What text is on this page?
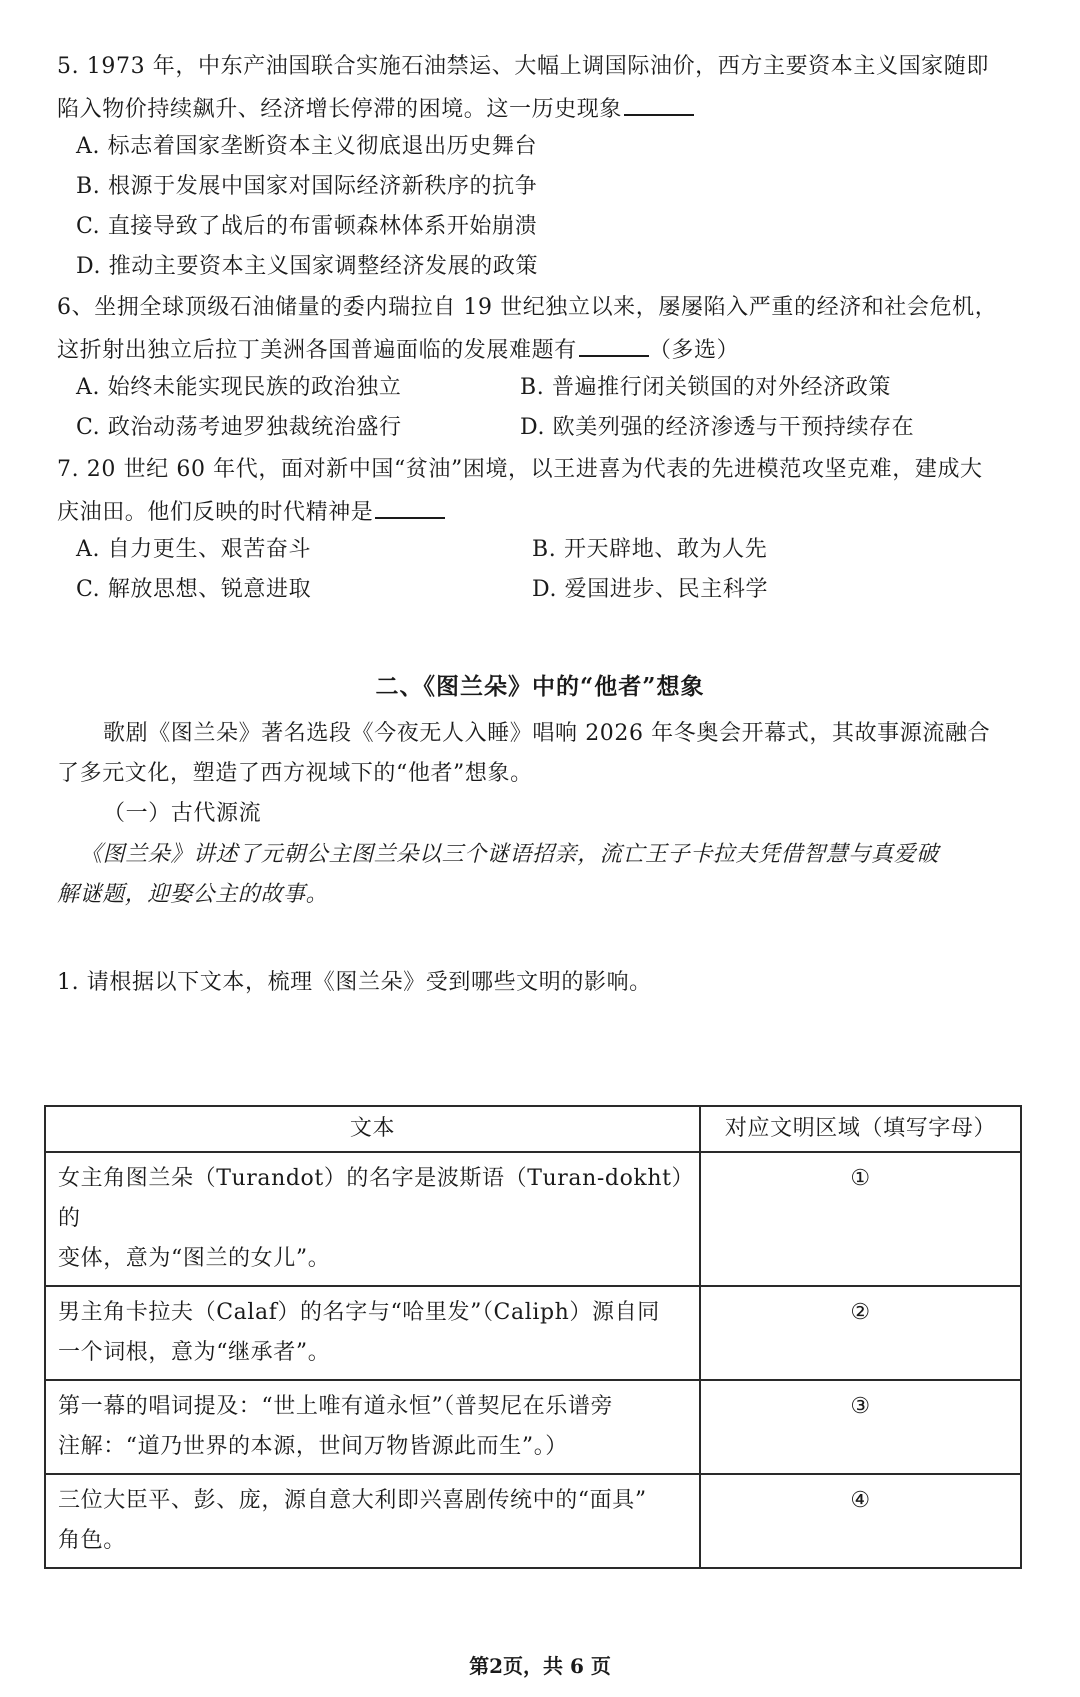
5. 1973 年，中东产油国联合实施石油禁运、大幅上调国际油价，西方主要资本主义国家随即
陷入物价持续飙升、经济增长停滞的困境。这一历史现象
A. 标志着国家垄断资本主义彻底退出历史舞台
B. 根源于发展中国家对国际经济新秩序的抗争
C. 直接导致了战后的布雷顿森林体系开始崩溃
D. 推动主要资本主义国家调整经济发展的政策
6、坐拥全球顶级石油储量的委内瑞拉自 19 世纪独立以来，屡屡陷入严重的经济和社会危机，
这折射出独立后拉丁美洲各国普遍面临的发展难题有	（多选）
A. 始终未能实现民族的政治独立	B. 普遍推行闭关锁国的对外经济政策
C. 政治动荡考迪罗独裁统治盛行	D. 欧美列强的经济渗透与干预持续存在
7. 20 世纪 60 年代，面对新中国“贫油”困境，以王进喜为代表的先进模范攻坚克难，建成大
庆油田。他们反映的时代精神是
A. 自力更生、艰苦奋斗	B. 开天辟地、敢为人先
C. 解放思想、锐意进取	D. 爱国进步、民主科学
二、《图兰朵》中的“他者”想象
歌剧《图兰朵》著名选段《今夜无人入睡》唱响 2026 年冬奥会开幕式，其故事源流融合
了多元文化，塑造了西方视域下的“他者”想象。
（一）古代源流
《图兰朵》讲述了元朝公主图兰朵以三个谜语招亲，流亡王子卡拉夫凭借智慧与真爱破
解谜题，迎娶公主的故事。
1. 请根据以下文本，梳理《图兰朵》受到哪些文明的影响。
文本	对应文明区域（填写字母）

女主角图兰朵（Turandot）的名字是波斯语（Turan-dokht）的
变体，意为“图兰的女儿”。	①

男主角卡拉夫（Calaf）的名字与“哈里发”（Caliph）源自同
一个词根，意为“继承者”。	②

第一幕的唱词提及：“世上唯有道永恒”（普契尼在乐谱旁
注解：“道乃世界的本源，世间万物皆源此而生”。）	③

三位大臣平、彭、庞，源自意大利即兴喜剧传统中的“面具”
角色。	④
第2页，共 6 页
